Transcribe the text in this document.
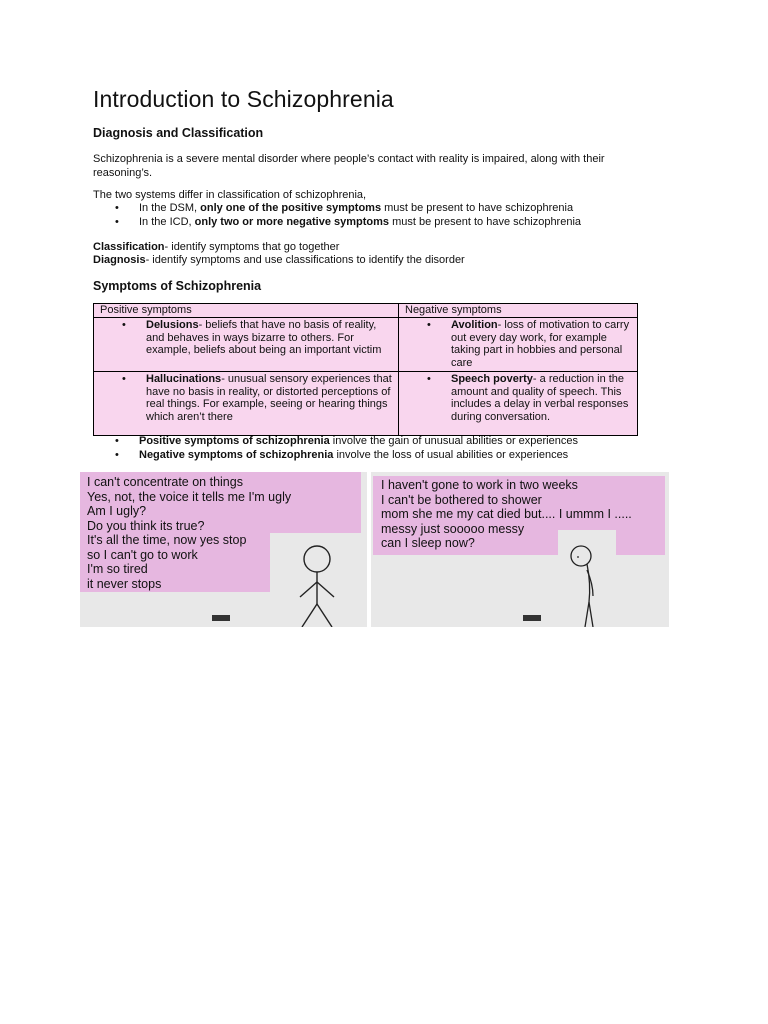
Introduction to Schizophrenia
Diagnosis and Classification

Schizophrenia is a severe mental disorder where people’s contact with reality is impaired, along with their reasoning’s.

The two systems differ in classification of schizophrenia,

• In the DSM, only one of the positive symptoms must be present to have schizophrenia
• In the ICD, only two or more negative symptoms must be present to have schizophrenia

Classification- identify symptoms that go together

Diagnosis- identify symptoms and use classifications to identify the disorder

Symptoms of Schizophrenia
Positive symptoms	Negative symptoms

• Delusions- beliefs that have no basis of reality, and behaves in ways bizarre to others. For example, beliefs about being an important victim	• Avolition- loss of motivation to carry out every day work, for example taking part in hobbies and personal care

• Hallucinations- unusual sensory experiences that have no basis in reality, or distorted perceptions of real things. For example, seeing or hearing things which aren’t there	• Speech poverty- a reduction in the amount and quality of speech. This includes a delay in verbal responses during conversation.
• Positive symptoms of schizophrenia involve the gain of unusual abilities or experiences
• Negative symptoms of schizophrenia involve the loss of usual abilities or experiences
I can't concentrate on things
Yes, not, the voice it tells me I'm ugly
Am I ugly?
Do you think its true?
It's all the time, now yes stop
so I can't go to work
I'm so tired
it never stops
I haven't gone to work in two weeks
I can't be bothered to shower
mom she me my cat died but.... I ummm I .....
messy just sooooo messy
can I sleep now?
